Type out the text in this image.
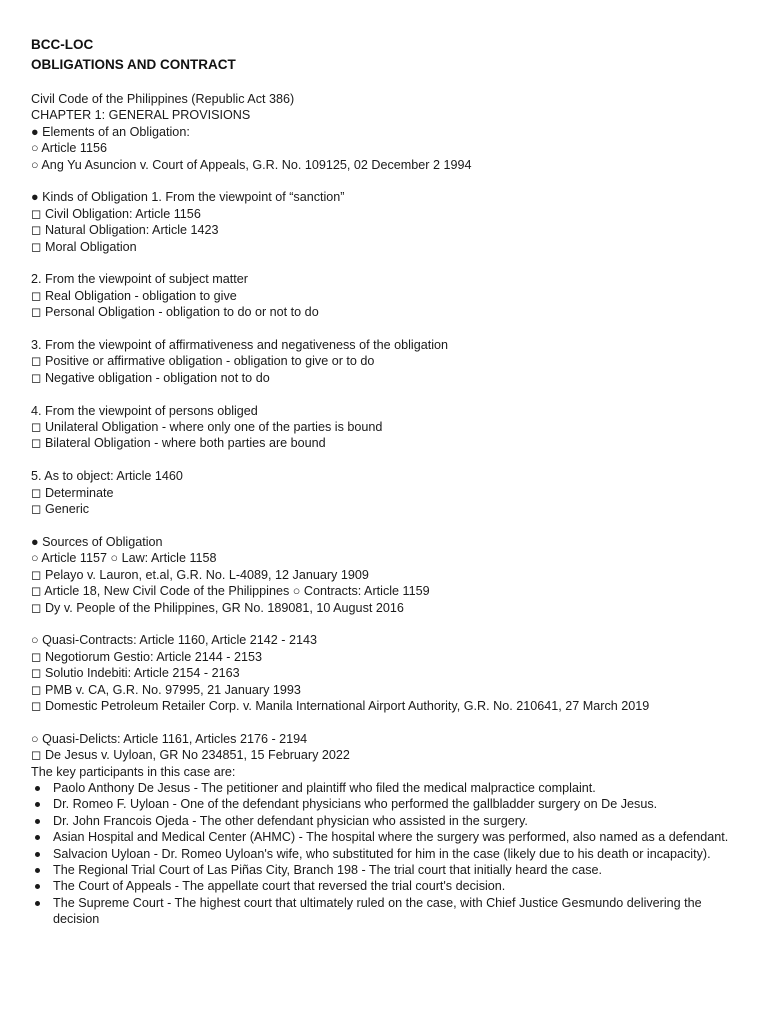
BCC-LOC
OBLIGATIONS AND CONTRACT
Civil Code of the Philippines (Republic Act 386)
CHAPTER 1: GENERAL PROVISIONS
● Elements of an Obligation:
○ Article 1156
○ Ang Yu Asuncion v. Court of Appeals, G.R. No. 109125, 02 December 2 1994
● Kinds of Obligation 1. From the viewpoint of “sanction”
◻ Civil Obligation: Article 1156
◻ Natural Obligation: Article 1423
◻ Moral Obligation
2. From the viewpoint of subject matter
◻ Real Obligation - obligation to give
◻ Personal Obligation - obligation to do or not to do
3. From the viewpoint of affirmativeness and negativeness of the obligation
◻ Positive or affirmative obligation - obligation to give or to do
◻ Negative obligation - obligation not to do
4. From the viewpoint of persons obliged
◻ Unilateral Obligation - where only one of the parties is bound
◻ Bilateral Obligation - where both parties are bound
5. As to object: Article 1460
◻ Determinate
◻ Generic
● Sources of Obligation
○ Article 1157 ○ Law: Article 1158
◻ Pelayo v. Lauron, et.al, G.R. No. L-4089, 12 January 1909
◻ Article 18, New Civil Code of the Philippines ○ Contracts: Article 1159
◻ Dy v. People of the Philippines, GR No. 189081, 10 August 2016
○ Quasi-Contracts: Article 1160, Article 2142 - 2143
◻ Negotiorum Gestio: Article 2144 - 2153
◻ Solutio Indebiti: Article 2154 - 2163
◻ PMB v. CA, G.R. No. 97995, 21 January 1993
◻ Domestic Petroleum Retailer Corp. v. Manila International Airport Authority, G.R. No. 210641, 27 March 2019
○ Quasi-Delicts: Article 1161, Articles 2176 - 2194
◻ De Jesus v. Uyloan, GR No 234851, 15 February 2022
The key participants in this case are:
Paolo Anthony De Jesus - The petitioner and plaintiff who filed the medical malpractice complaint.
Dr. Romeo F. Uyloan - One of the defendant physicians who performed the gallbladder surgery on De Jesus.
Dr. John Francois Ojeda - The other defendant physician who assisted in the surgery.
Asian Hospital and Medical Center (AHMC) - The hospital where the surgery was performed, also named as a defendant.
Salvacion Uyloan - Dr. Romeo Uyloan's wife, who substituted for him in the case (likely due to his death or incapacity).
The Regional Trial Court of Las Piñas City, Branch 198 - The trial court that initially heard the case.
The Court of Appeals - The appellate court that reversed the trial court's decision.
The Supreme Court - The highest court that ultimately ruled on the case, with Chief Justice Gesmundo delivering the decision
